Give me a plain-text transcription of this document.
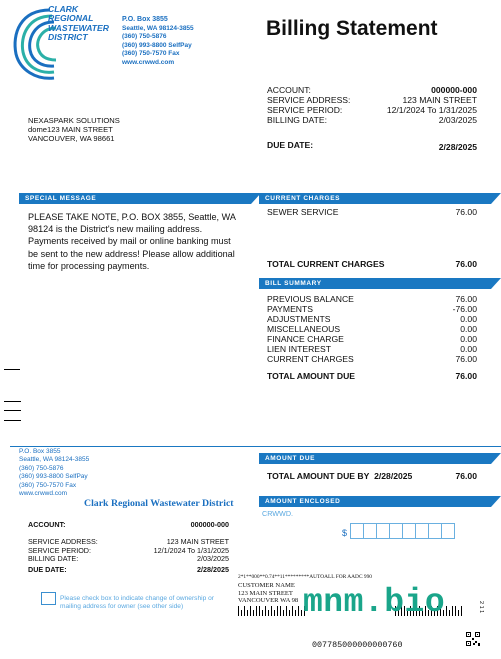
CLARK
REGIONAL
WASTEWATER
DISTRICT
P.O. Box 3855
Seattle, WA 98124-3855
(360) 750-5876
(360) 993-8800 SelfPay
(360) 750-7570 Fax
www.crwwd.com
Billing Statement
ACCOUNT:	000000-000
SERVICE ADDRESS:	123 MAIN STREET
SERVICE PERIOD:	12/1/2024 To 1/31/2025
BILLING DATE:	2/03/2025
DUE DATE:	2/28/2025
NEXASPARK SOLUTIONS
dome123 MAIN STREET
VANCOUVER, WA 98661
SPECIAL MESSAGE
PLEASE TAKE NOTE, P.O. BOX 3855, Seattle, WA 98124 is the District's new mailing address. Payments received by mail or online banking must be sent to the new address! Please allow additional time for processing payments.
CURRENT CHARGES
SEWER SERVICE	76.00
TOTAL CURRENT CHARGES	76.00
BILL SUMMARY
PREVIOUS BALANCE	76.00
PAYMENTS	-76.00
ADJUSTMENTS	0.00
MISCELLANEOUS	0.00
FINANCE CHARGE	0.00
LIEN INTEREST	0.00
CURRENT CHARGES	76.00
TOTAL AMOUNT DUE	76.00
P.O. Box 3855
Seattle, WA 98124-3855
(360) 750-5876
(360) 993-8800 SelfPay
(360) 750-7570 Fax
www.crwwd.com
Clark Regional Wastewater District
ACCOUNT:	000000-000
SERVICE ADDRESS:	123 MAIN STREET
SERVICE PERIOD:	12/1/2024 To 1/31/2025
BILLING DATE:	2/03/2025
DUE DATE:	2/28/2025
Please check box to indicate change of ownership or mailing address for owner (see other side)
AMOUNT DUE
TOTAL AMOUNT DUE BY 2/28/2025	76.00
AMOUNT ENCLOSED
CRWWD.
$
2*1**000**0.74**11*********AUTOALL FOR AADC 990
CUSTOMER NAME
123 MAIN STREET
VANCOUVER WA 98 mnm.bio	2 1 1
007785000000000760
